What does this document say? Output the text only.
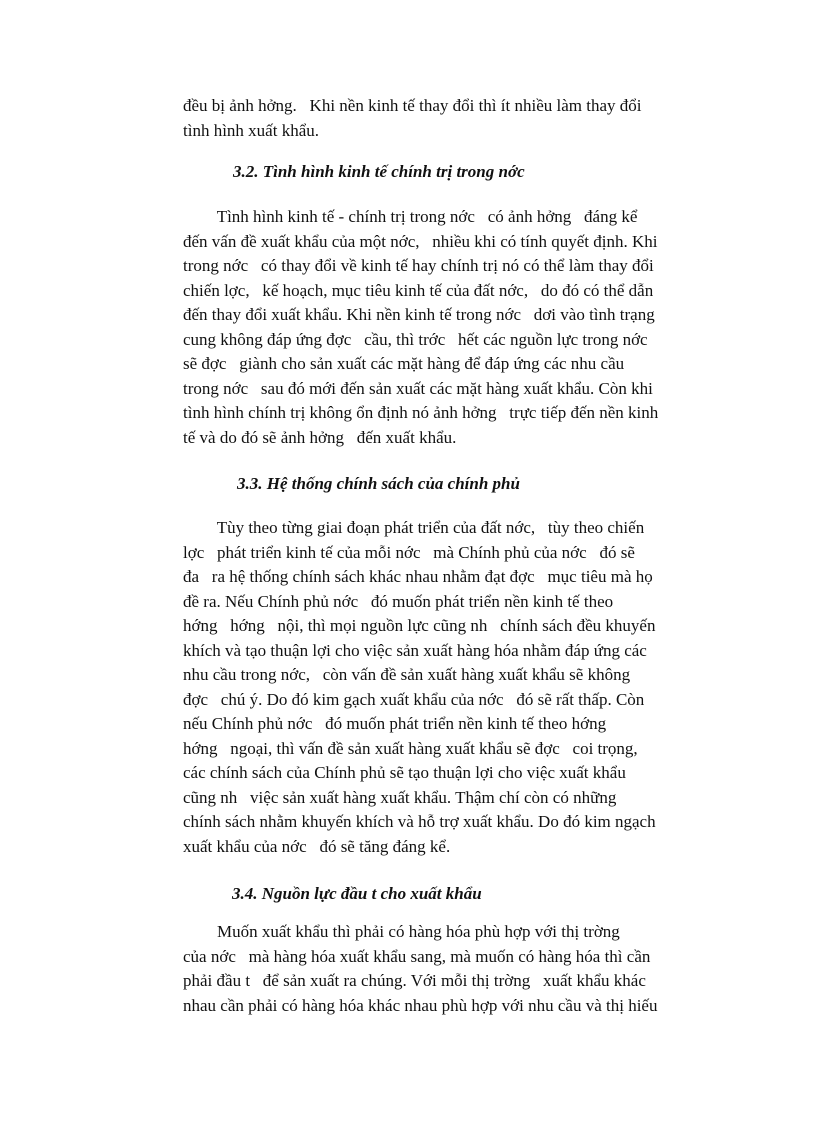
đều bị ảnh hởng.   Khi nền kinh tế thay đổi thì ít nhiều làm thay đổi
tình hình xuất khẩu.

3.2. Tình hình kinh tế chính trị trong nớc

Tình hình kinh tế - chính trị trong nớc   có ảnh hởng   đáng kể
đến vấn đề xuất khẩu của một nớc,   nhiều khi có tính quyết định. Khi
trong nớc   có thay đổi về kinh tế hay chính trị nó có thể làm thay đổi
chiến lợc,   kế hoạch, mục tiêu kinh tế của đất nớc,   do đó có thể dẫn
đến thay đổi xuất khẩu. Khi nền kinh tế trong nớc   dơi vào tình trạng
cung không đáp ứng đợc   cầu, thì trớc   hết các nguồn lực trong nớc
sẽ đợc   giành cho sản xuất các mặt hàng để đáp ứng các nhu cầu
trong nớc   sau đó mới đến sản xuất các mặt hàng xuất khẩu. Còn khi
tình hình chính trị không ổn định nó ảnh hởng   trực tiếp đến nền kinh
tế và do đó sẽ ảnh hởng   đến xuất khẩu.

3.3. Hệ thống chính sách của chính phủ

Tùy theo từng giai đoạn phát triển của đất nớc,   tùy theo chiến
lợc   phát triển kinh tế của mỗi nớc   mà Chính phủ của nớc   đó sẽ
đa   ra hệ thống chính sách khác nhau nhằm đạt đợc   mục tiêu mà họ
đề ra. Nếu Chính phủ nớc   đó muốn phát triển nền kinh tế theo
hớng   hớng   nội, thì mọi nguồn lực cũng nh   chính sách đều khuyến
khích và tạo thuận lợi cho việc sản xuất hàng hóa nhằm đáp ứng các
nhu cầu trong nớc,   còn vấn đề sản xuất hàng xuất khẩu sẽ không
đợc   chú ý. Do đó kim gạch xuất khẩu của nớc   đó sẽ rất thấp. Còn
nếu Chính phủ nớc   đó muốn phát triển nền kinh tế theo hớng
hớng   ngoại, thì vấn đề sản xuất hàng xuất khẩu sẽ đợc   coi trọng,
các chính sách của Chính phủ sẽ tạo thuận lợi cho việc xuất khẩu
cũng nh   việc sản xuất hàng xuất khẩu. Thậm chí còn có những
chính sách nhằm khuyến khích và hỗ trợ xuất khẩu. Do đó kim ngạch
xuất khẩu của nớc   đó sẽ tăng đáng kể.

3.4. Nguồn lực đầu t cho xuất khẩu

Muốn xuất khẩu thì phải có hàng hóa phù hợp với thị trờng
của nớc   mà hàng hóa xuất khẩu sang, mà muốn có hàng hóa thì cần
phải đầu t   để sản xuất ra chúng. Với mỗi thị trờng   xuất khẩu khác
nhau cần phải có hàng hóa khác nhau phù hợp với nhu cầu và thị hiếu
